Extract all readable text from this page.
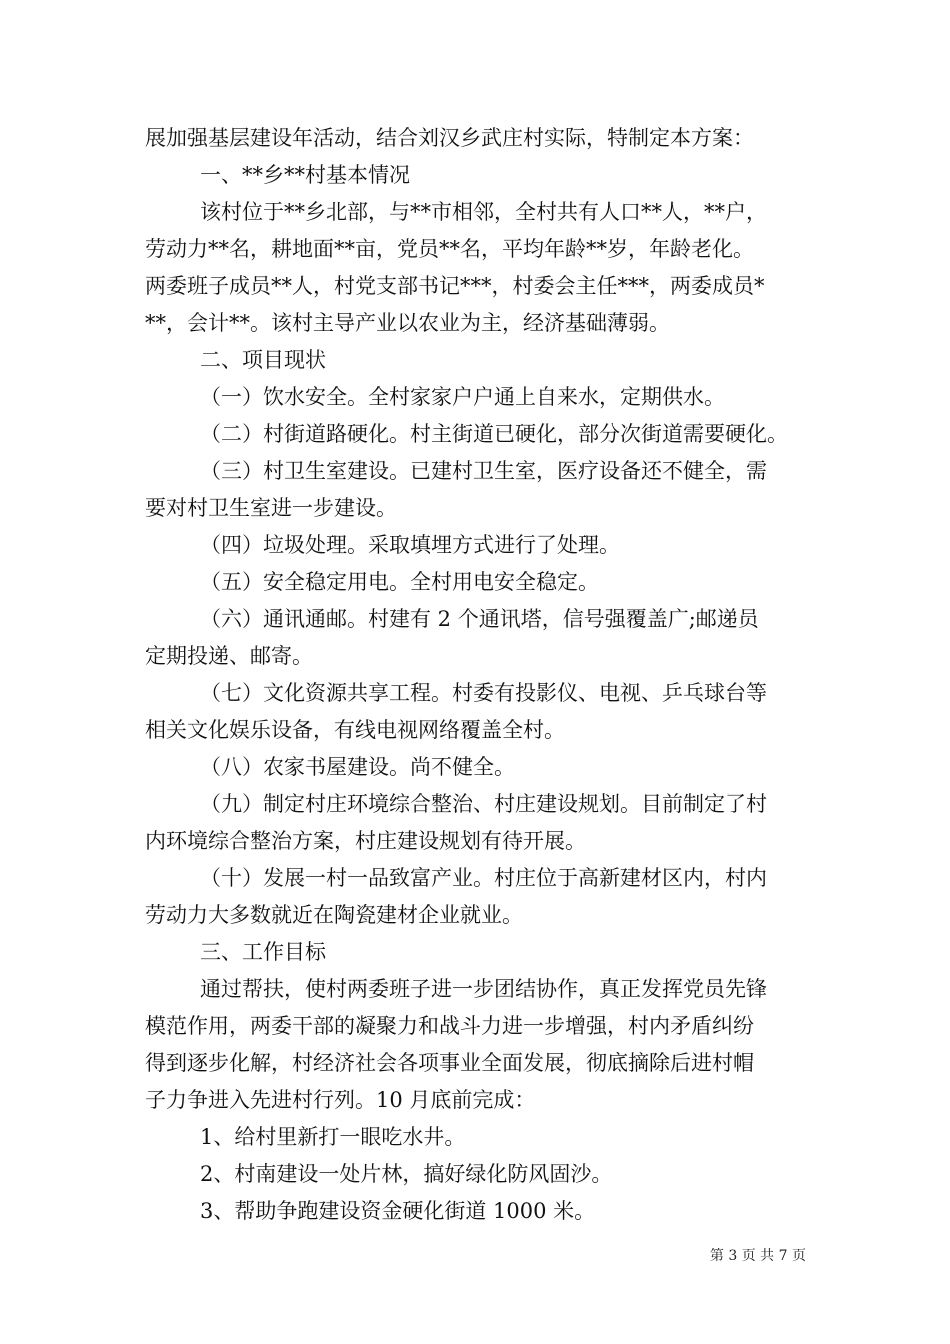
展加强基层建设年活动，结合刘汉乡武庄村实际，特制定本方案：
一、**乡**村基本情况
该村位于**乡北部，与**市相邻，全村共有人口**人，**户，
劳动力**名，耕地面**亩，党员**名，平均年龄**岁，年龄老化。
两委班子成员**人，村党支部书记***，村委会主任***，两委成员*
**，会计**。该村主导产业以农业为主，经济基础薄弱。
二、项目现状
（一）饮水安全。全村家家户户通上自来水，定期供水。
（二）村街道路硬化。村主街道已硬化，部分次街道需要硬化。
（三）村卫生室建设。已建村卫生室，医疗设备还不健全，需
要对村卫生室进一步建设。
（四）垃圾处理。采取填埋方式进行了处理。
（五）安全稳定用电。全村用电安全稳定。
（六）通讯通邮。村建有 2 个通讯塔，信号强覆盖广;邮递员
定期投递、邮寄。
（七）文化资源共享工程。村委有投影仪、电视、乒乓球台等
相关文化娱乐设备，有线电视网络覆盖全村。
（八）农家书屋建设。尚不健全。
（九）制定村庄环境综合整治、村庄建设规划。目前制定了村
内环境综合整治方案，村庄建设规划有待开展。
（十）发展一村一品致富产业。村庄位于高新建材区内，村内
劳动力大多数就近在陶瓷建材企业就业。
三、工作目标
通过帮扶，使村两委班子进一步团结协作，真正发挥党员先锋
模范作用，两委干部的凝聚力和战斗力进一步增强，村内矛盾纠纷
得到逐步化解，村经济社会各项事业全面发展，彻底摘除后进村帽
子力争进入先进村行列。10 月底前完成：
1、给村里新打一眼吃水井。
2、村南建设一处片林，搞好绿化防风固沙。
3、帮助争跑建设资金硬化街道 1000 米。
第 3 页 共 7 页
